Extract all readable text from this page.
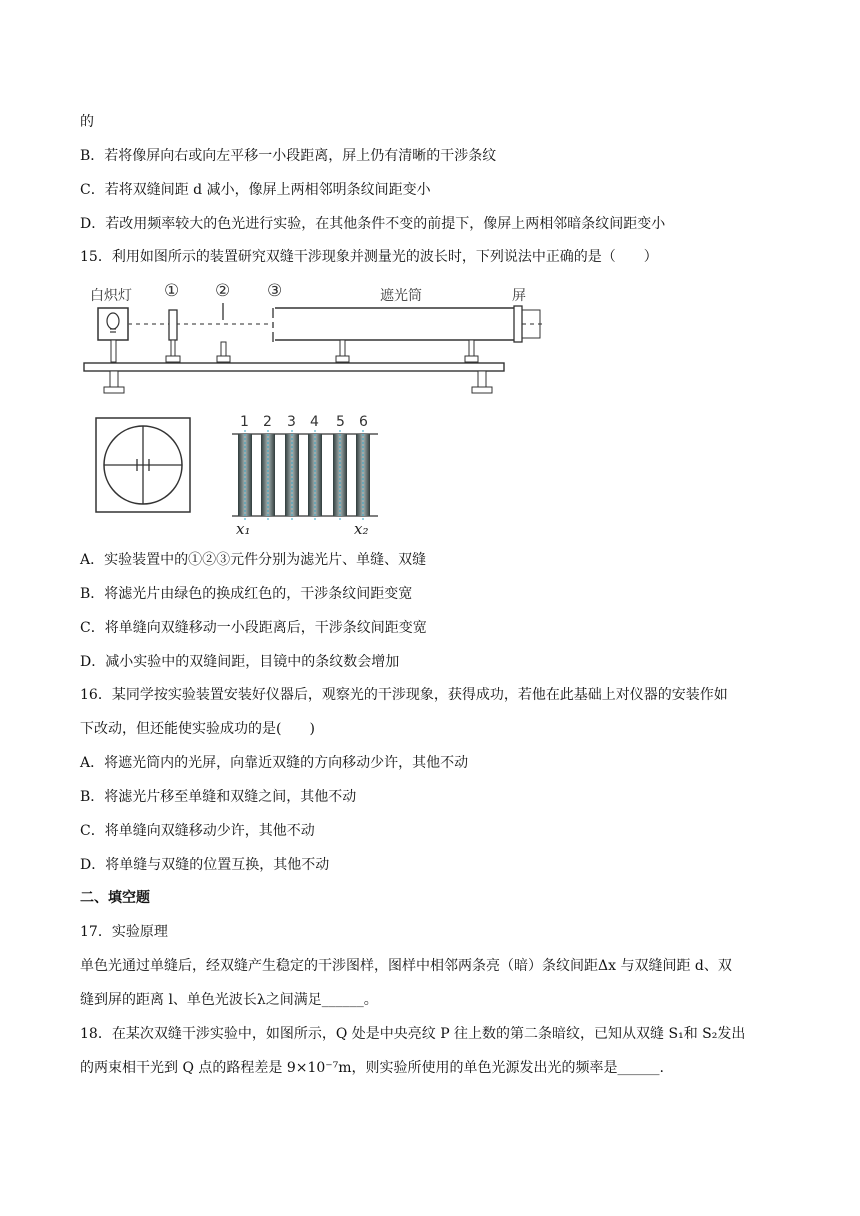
的
B．若将像屏向右或向左平移一小段距离，屏上仍有清晰的干涉条纹
C．若将双缝间距 d 减小，像屏上两相邻明条纹间距变小
D．若改用频率较大的色光进行实验，在其他条件不变的前提下，像屏上两相邻暗条纹间距变小
15．利用如图所示的装置研究双缝干涉现象并测量光的波长时，下列说法中正确的是（　　）
白炽灯 ① ② ③	遮光筒	屏
1 2 3 4 5 6
x₁	x₂
A．实验装置中的①②③元件分别为滤光片、单缝、双缝
B．将滤光片由绿色的换成红色的，干涉条纹间距变宽
C．将单缝向双缝移动一小段距离后，干涉条纹间距变宽
D．减小实验中的双缝间距，目镜中的条纹数会增加
16．某同学按实验装置安装好仪器后，观察光的干涉现象，获得成功，若他在此基础上对仪器的安装作如
下改动，但还能使实验成功的是(　　)
A．将遮光筒内的光屏，向靠近双缝的方向移动少许，其他不动
B．将滤光片移至单缝和双缝之间，其他不动
C．将单缝向双缝移动少许，其他不动
D．将单缝与双缝的位置互换，其他不动
二、填空题
17．实验原理
单色光通过单缝后，经双缝产生稳定的干涉图样，图样中相邻两条亮（暗）条纹间距Δx 与双缝间距 d、双
缝到屏的距离 l、单色光波长λ之间满足______。
18．在某次双缝干涉实验中，如图所示，Q 处是中央亮纹 P 往上数的第二条暗纹，已知从双缝 S₁和 S₂发出
的两束相干光到 Q 点的路程差是 9×10⁻⁷m，则实验所使用的单色光源发出光的频率是______.
